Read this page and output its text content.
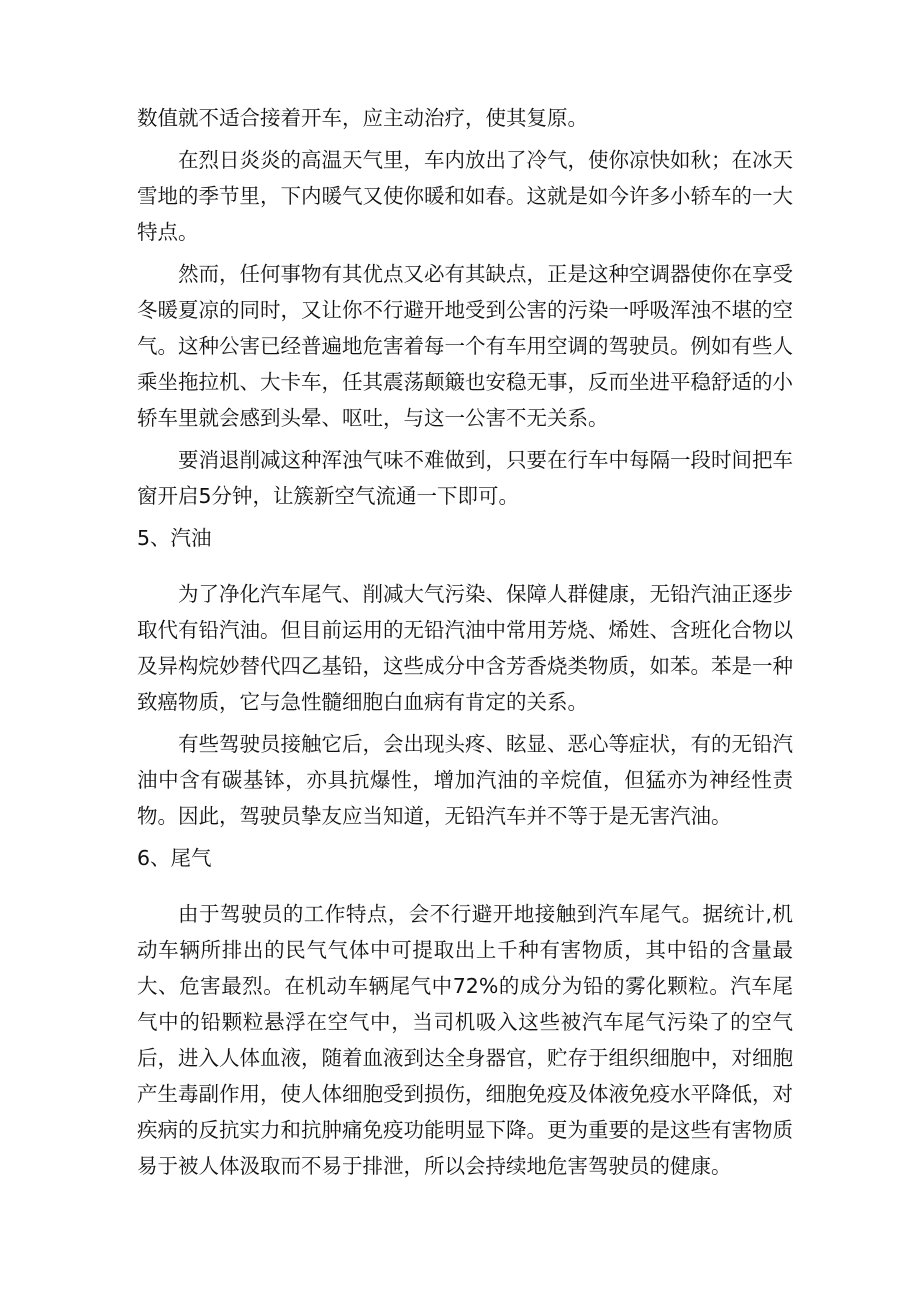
数值就不适合接着开车，应主动治疗，使其复原。

在烈日炎炎的高温天气里，车内放出了冷气，使你凉快如秋；在冰天雪地的季节里，下内暖气又使你暖和如春。这就是如今许多小轿车的一大特点。

然而，任何事物有其优点又必有其缺点，正是这种空调器使你在享受冬暖夏凉的同时，又让你不行避开地受到公害的污染一呼吸浑浊不堪的空气。这种公害已经普遍地危害着每一个有车用空调的驾驶员。例如有些人乘坐拖拉机、大卡车，任其震荡颠簸也安稳无事，反而坐进平稳舒适的小轿车里就会感到头晕、呕吐，与这一公害不无关系。

要消退削减这种浑浊气味不难做到，只要在行车中每隔一段时间把车窗开启5分钟，让簇新空气流通一下即可。

5、汽油

为了净化汽车尾气、削减大气污染、保障人群健康，无铅汽油正逐步取代有铅汽油。但目前运用的无铅汽油中常用芳烧、烯姓、含班化合物以及异构烷妙替代四乙基铅，这些成分中含芳香烧类物质，如苯。苯是一种致癌物质，它与急性髓细胞白血病有肯定的关系。

有些驾驶员接触它后，会出现头疼、眩显、恶心等症状，有的无铅汽油中含有碳基钵，亦具抗爆性，增加汽油的辛烷值，但猛亦为神经性责物。因此，驾驶员挚友应当知道，无铅汽车并不等于是无害汽油。

6、尾气

由于驾驶员的工作特点，会不行避开地接触到汽车尾气。据统计,机动车辆所排出的民气气体中可提取出上千种有害物质，其中铅的含量最大、危害最烈。在机动车辆尾气中72%的成分为铅的雾化颗粒。汽车尾气中的铅颗粒悬浮在空气中，当司机吸入这些被汽车尾气污染了的空气后，进入人体血液，随着血液到达全身器官，贮存于组织细胞中，对细胞产生毒副作用，使人体细胞受到损伤，细胞免疫及体液免疫水平降低，对疾病的反抗实力和抗肿痛免疫功能明显下降。更为重要的是这些有害物质易于被人体汲取而不易于排泄，所以会持续地危害驾驶员的健康。
